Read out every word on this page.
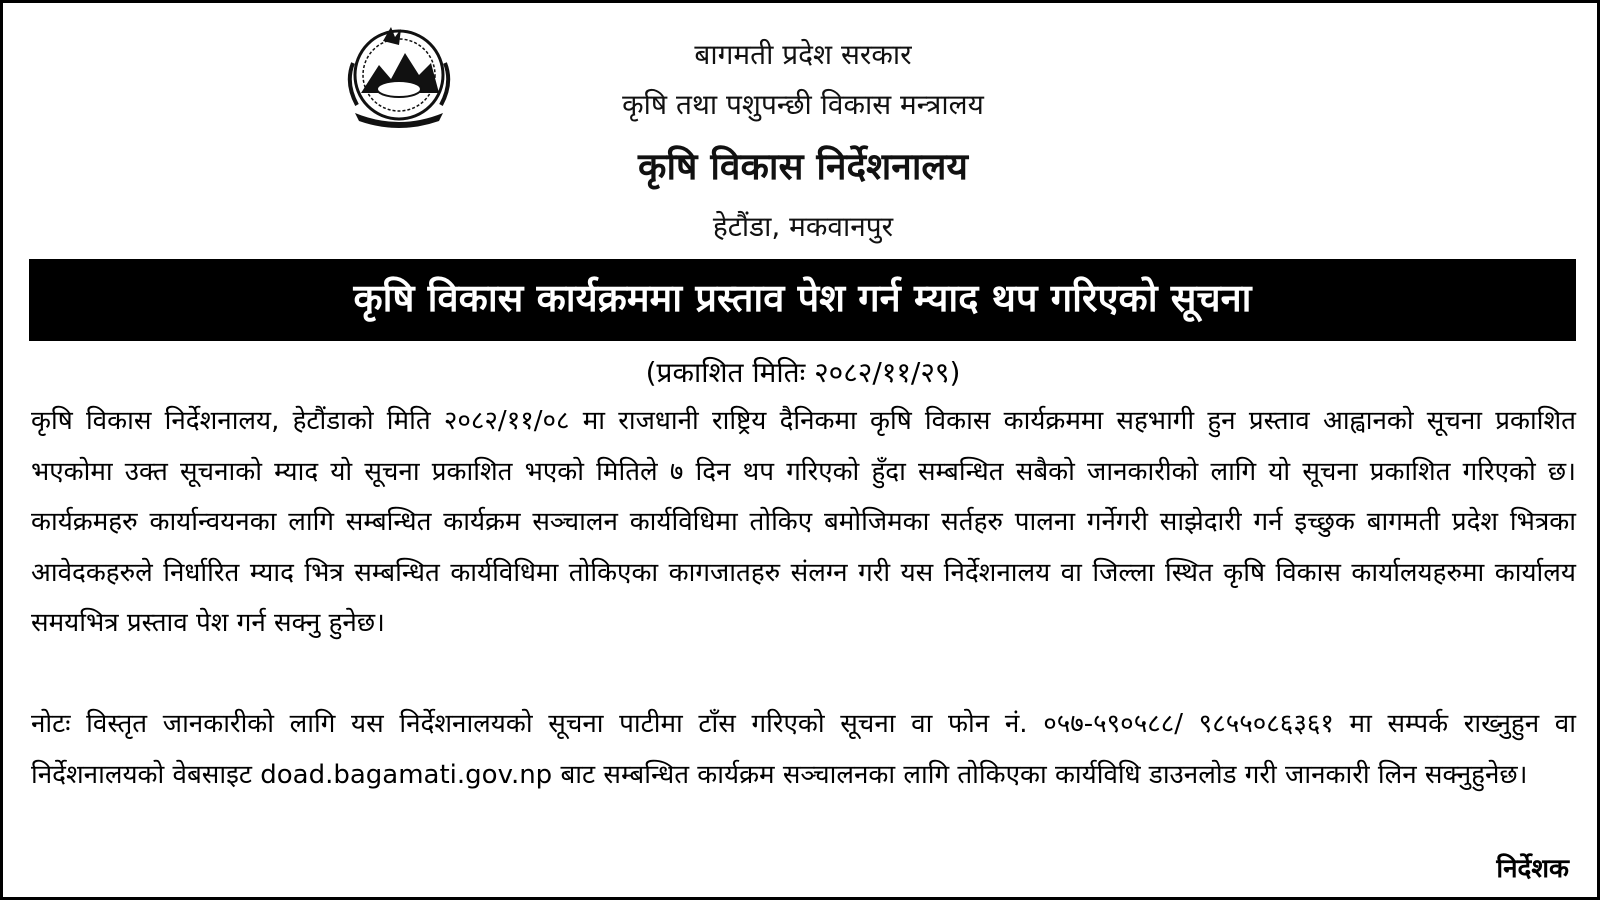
बागमती प्रदेश सरकार
कृषि तथा पशुपन्छी विकास मन्त्रालय
कृषि विकास निर्देशनालय
हेटौंडा, मकवानपुर
कृषि विकास कार्यक्रममा प्रस्ताव पेश गर्न म्याद थप गरिएको सूचना
(प्रकाशित मितिः २०८२/११/२९)

कृषि विकास निर्देशनालय, हेटौंडाको मिति २०८२/११/०८ मा राजधानी राष्ट्रिय दैनिकमा कृषि विकास कार्यक्रममा सहभागी हुन प्रस्ताव आह्वानको सूचना प्रकाशित भएकोमा उक्त सूचनाको म्याद यो सूचना प्रकाशित भएको मितिले ७ दिन थप गरिएको हुँदा सम्बन्धित सबैको जानकारीको लागि यो सूचना प्रकाशित गरिएको छ। कार्यक्रमहरु कार्यान्वयनका लागि सम्बन्धित कार्यक्रम सञ्चालन कार्यविधिमा तोकिए बमोजिमका सर्तहरु पालना गर्नेगरी साझेदारी गर्न इच्छुक बागमती प्रदेश भित्रका आवेदकहरुले निर्धारित म्याद भित्र सम्बन्धित कार्यविधिमा तोकिएका कागजातहरु संलग्न गरी यस निर्देशनालय वा जिल्ला स्थित कृषि विकास कार्यालयहरुमा कार्यालय समयभित्र प्रस्ताव पेश गर्न सक्नु हुनेछ।

नोटः विस्तृत जानकारीको लागि यस निर्देशनालयको सूचना पाटीमा टाँस गरिएको सूचना वा फोन नं. ०५७-५९०५८८/ ९८५५०८६३६१ मा सम्पर्क राख्नुहुन वा निर्देशनालयको वेबसाइट doad.bagamati.gov.np बाट सम्बन्धित कार्यक्रम सञ्चालनका लागि तोकिएका कार्यविधि डाउनलोड गरी जानकारी लिन सक्नुहुनेछ।

निर्देशक
